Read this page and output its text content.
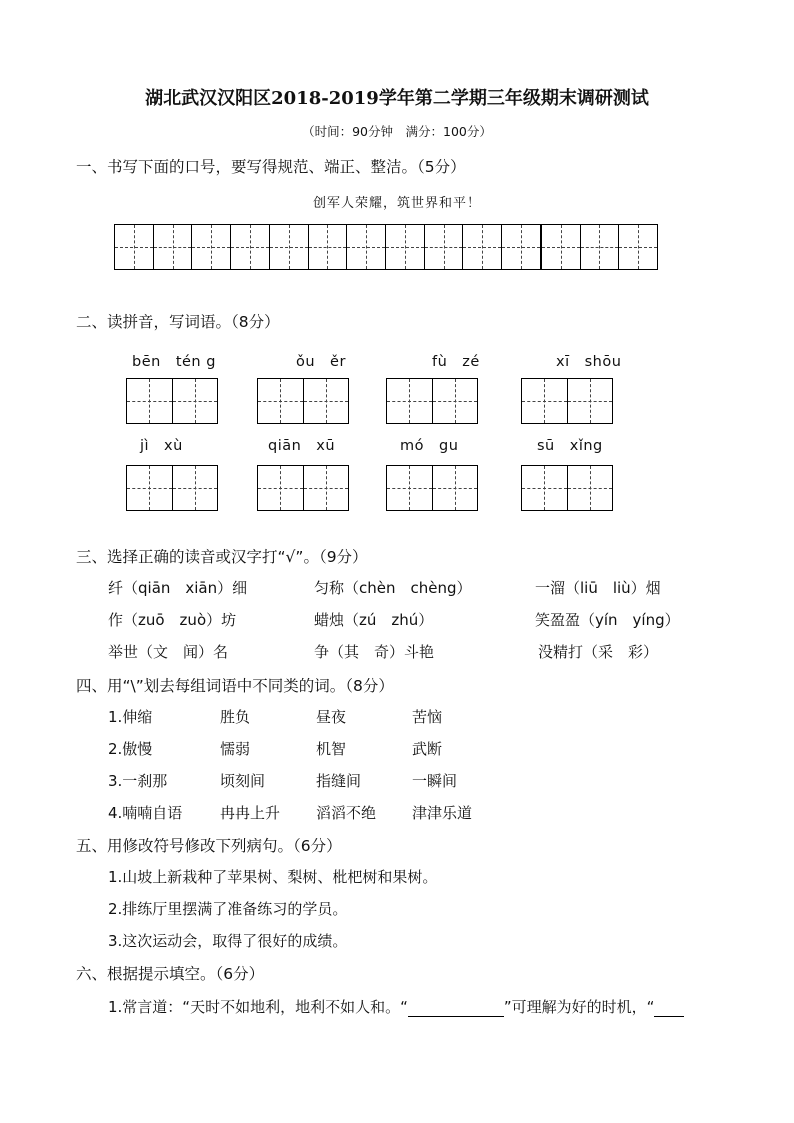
湖北武汉汉阳区2018-2019学年第二学期三年级期末调研测试
（时间：90分钟　满分：100分）
一、书写下面的口号，要写得规范、端正、整洁。（5分）
创军人荣耀，筑世界和平！
二、读拼音，写词语。（8分）
bēn　tén g	ǒu　ěr	fù　zé	xī　shōu
jì　xù	qiān　xū	mó　gu	sū　xǐng
三、选择正确的读音或汉字打“√”。（9分）
纤（qiān　xiān）细	匀称（chèn　chèng）	一溜（liū　liù）烟
作（zuō　zuò）坊	蜡烛（zú　zhú）	笑盈盈（yín　yíng）
举世（文　闻）名	争（其　奇）斗艳	没精打（采　彩）
四、用“\”划去每组词语中不同类的词。（8分）
1.伸缩	胜负	昼夜	苦恼
2.傲慢	懦弱	机智	武断
3.一刹那	顷刻间	指缝间	一瞬间
4.喃喃自语	冉冉上升 滔滔不绝 津津乐道
五、用修改符号修改下列病句。（6分）
1.山坡上新栽种了苹果树、梨树、枇杷树和果树。
2.排练厅里摆满了准备练习的学员。
3.这次运动会，取得了很好的成绩。
六、根据提示填空。（6分）
1.常言道：“天时不如地利，地利不如人和。“	”可理解为好的时机，“
